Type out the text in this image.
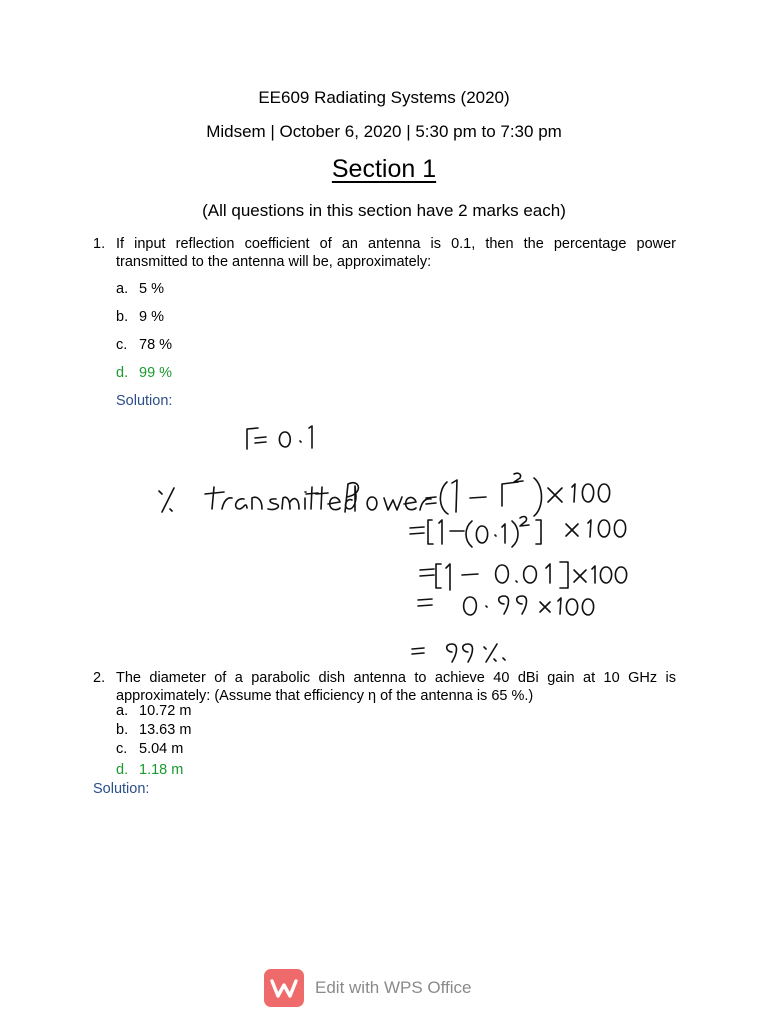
EE609 Radiating Systems (2020)
Midsem | October 6, 2020 | 5:30 pm to 7:30 pm
Section 1
(All questions in this section have 2 marks each)
1. If input reflection coefficient of an antenna is 0.1, then the percentage power transmitted to the antenna will be, approximately:
a. 5 %
b. 9 %
c. 78 %
d. 99 %
Solution:
2. The diameter of a parabolic dish antenna to achieve 40 dBi gain at 10 GHz is approximately: (Assume that efficiency η of the antenna is 65 %.)
a. 10.72 m
b. 13.63 m
c. 5.04 m
d. 1.18 m
Solution:
Edit with WPS Office
